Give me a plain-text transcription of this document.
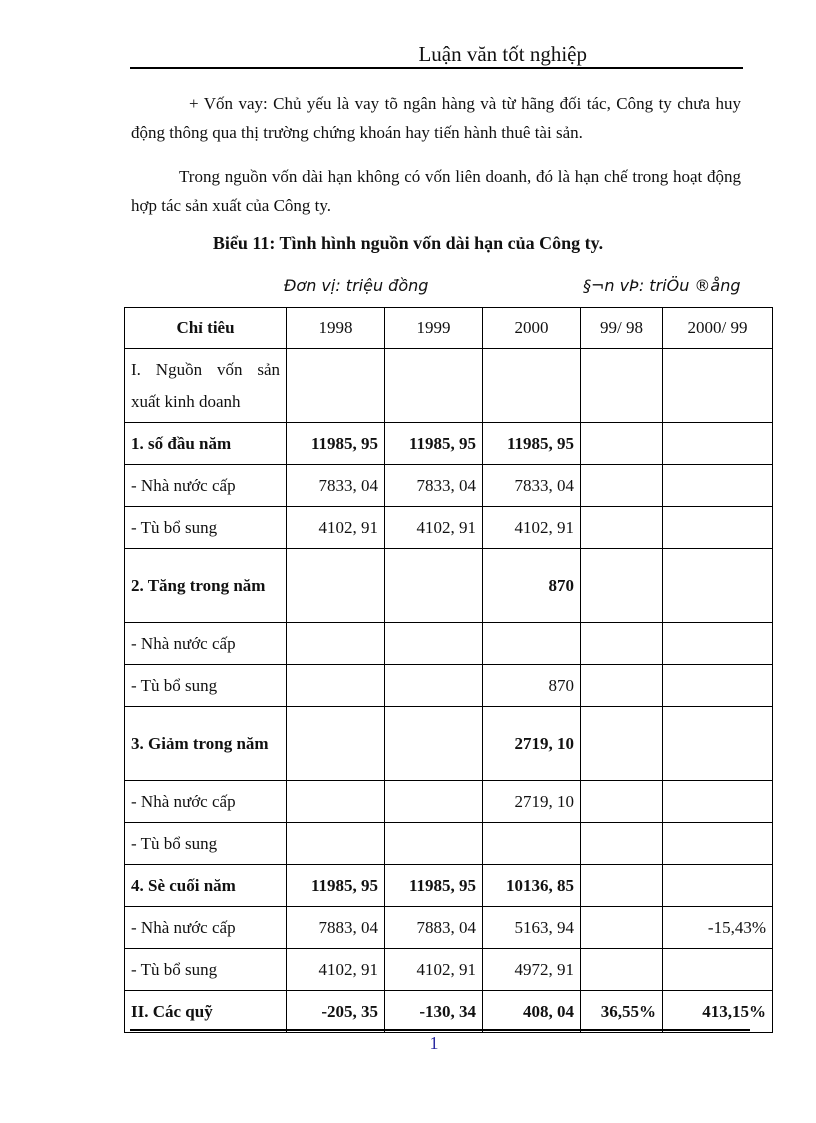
Luận văn tốt nghiệp

+ Vốn vay: Chủ yếu là vay tõ ngân hàng và từ hãng đối tác, Công ty chưa huy động thông qua thị trường chứng khoán hay tiến hành thuê tài sản.

Trong nguồn vốn dài hạn không có vốn liên doanh, đó là hạn chế trong hoạt động hợp tác sản xuất của Công ty.

Biểu 11: Tình hình nguồn vốn dài hạn của Công ty.
Đơn vị: triệu đồng	§¬n vÞ: triÖu ®ång
Chỉ tiêu	1998	1999	2000	99/ 98	2000/ 99
I. Nguồn vốn sản xuất kinh doanh					
1. số đầu năm	11985, 95	11985, 95	11985, 95		
- Nhà nước cấp	7833, 04	7833, 04	7833, 04		
- Tù bổ sung	4102, 91	4102, 91	4102, 91		
2. Tăng trong năm			870		
- Nhà nước cấp					
- Tù bổ sung			870		
3. Giảm trong năm			2719, 10		
- Nhà nước cấp			2719, 10		
- Tù bổ sung					
4. Sè cuối năm	11985, 95	11985, 95	10136, 85		
- Nhà nước cấp	7883, 04	7883, 04	5163, 94		-15,43%
- Tù bổ sung	4102, 91	4102, 91	4972, 91		
II. Các quỹ	-205, 35	-130, 34	408, 04	36,55%	413,15%
1
